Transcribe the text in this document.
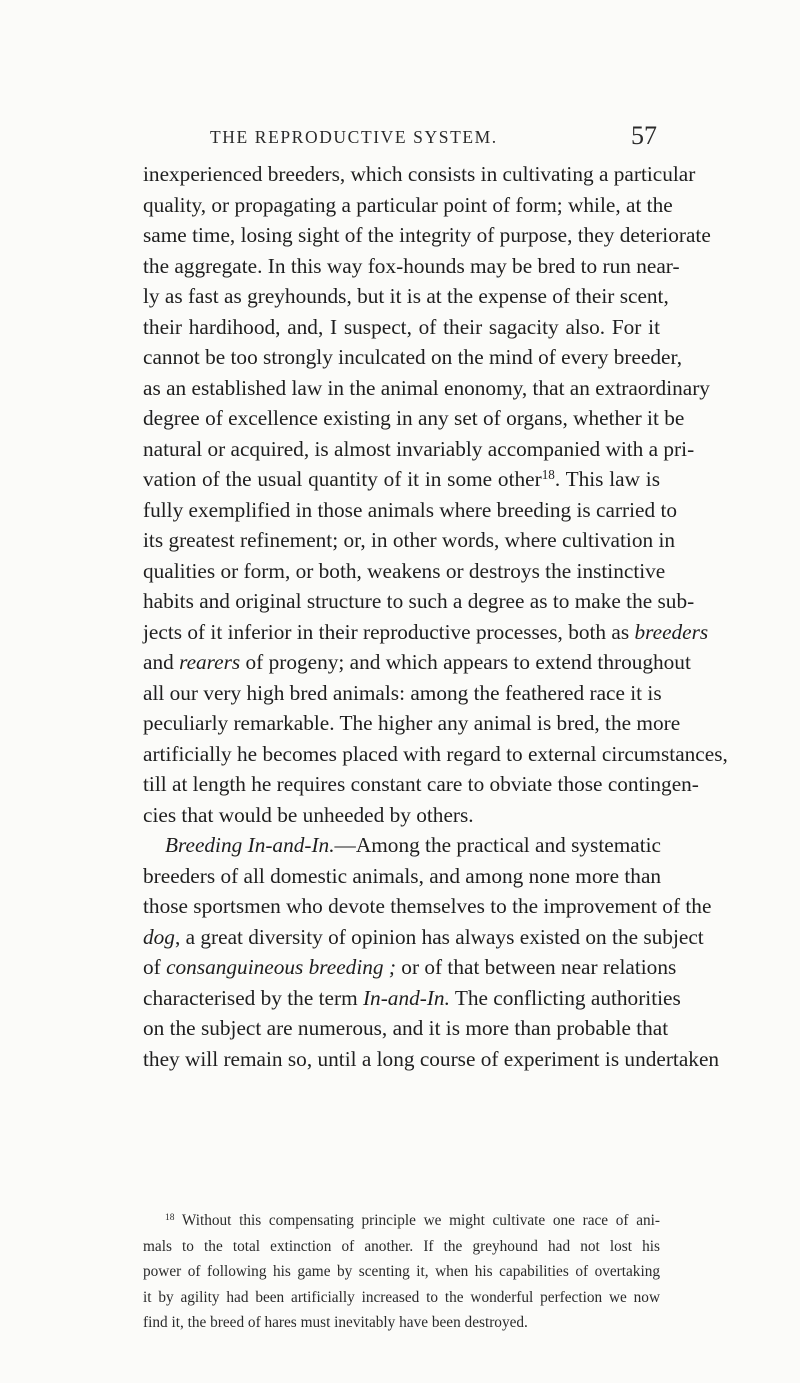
THE REPRODUCTIVE SYSTEM.	57
inexperienced breeders, which consists in cultivating a particular
quality, or propagating a particular point of form; while, at the
same time, losing sight of the integrity of purpose, they deteriorate
the aggregate. In this way fox-hounds may be bred to run near-
ly as fast as greyhounds, but it is at the expense of their scent,
their hardihood, and, I suspect, of their sagacity also. For it
cannot be too strongly inculcated on the mind of every breeder,
as an established law in the animal enonomy, that an extraordinary
degree of excellence existing in any set of organs, whether it be
natural or acquired, is almost invariably accompanied with a pri-
vation of the usual quantity of it in some other$^{18}$. This law is
fully exemplified in those animals where breeding is carried to
its greatest refinement; or, in other words, where cultivation in
qualities or form, or both, weakens or destroys the instinctive
habits and original structure to such a degree as to make the sub-
jects of it inferior in their reproductive processes, both as breeders
and rearers of progeny; and which appears to extend throughout
all our very high bred animals: among the feathered race it is
peculiarly remarkable. The higher any animal is bred, the more
artificially he becomes placed with regard to external circumstances,
till at length he requires constant care to obviate those contingen-
cies that would be unheeded by others.
Breeding In-and-In.—Among the practical and systematic
breeders of all domestic animals, and among none more than
those sportsmen who devote themselves to the improvement of the
dog, a great diversity of opinion has always existed on the subject
of consanguineous breeding ; or of that between near relations
characterised by the term In-and-In. The conflicting authorities
on the subject are numerous, and it is more than probable that
they will remain so, until a long course of experiment is undertaken
$^{18}$ Without this compensating principle we might cultivate one race of ani-
mals to the total extinction of another. If the greyhound had not lost his
power of following his game by scenting it, when his capabilities of overtaking
it by agility had been artificially increased to the wonderful perfection we now
find it, the breed of hares must inevitably have been destroyed.
